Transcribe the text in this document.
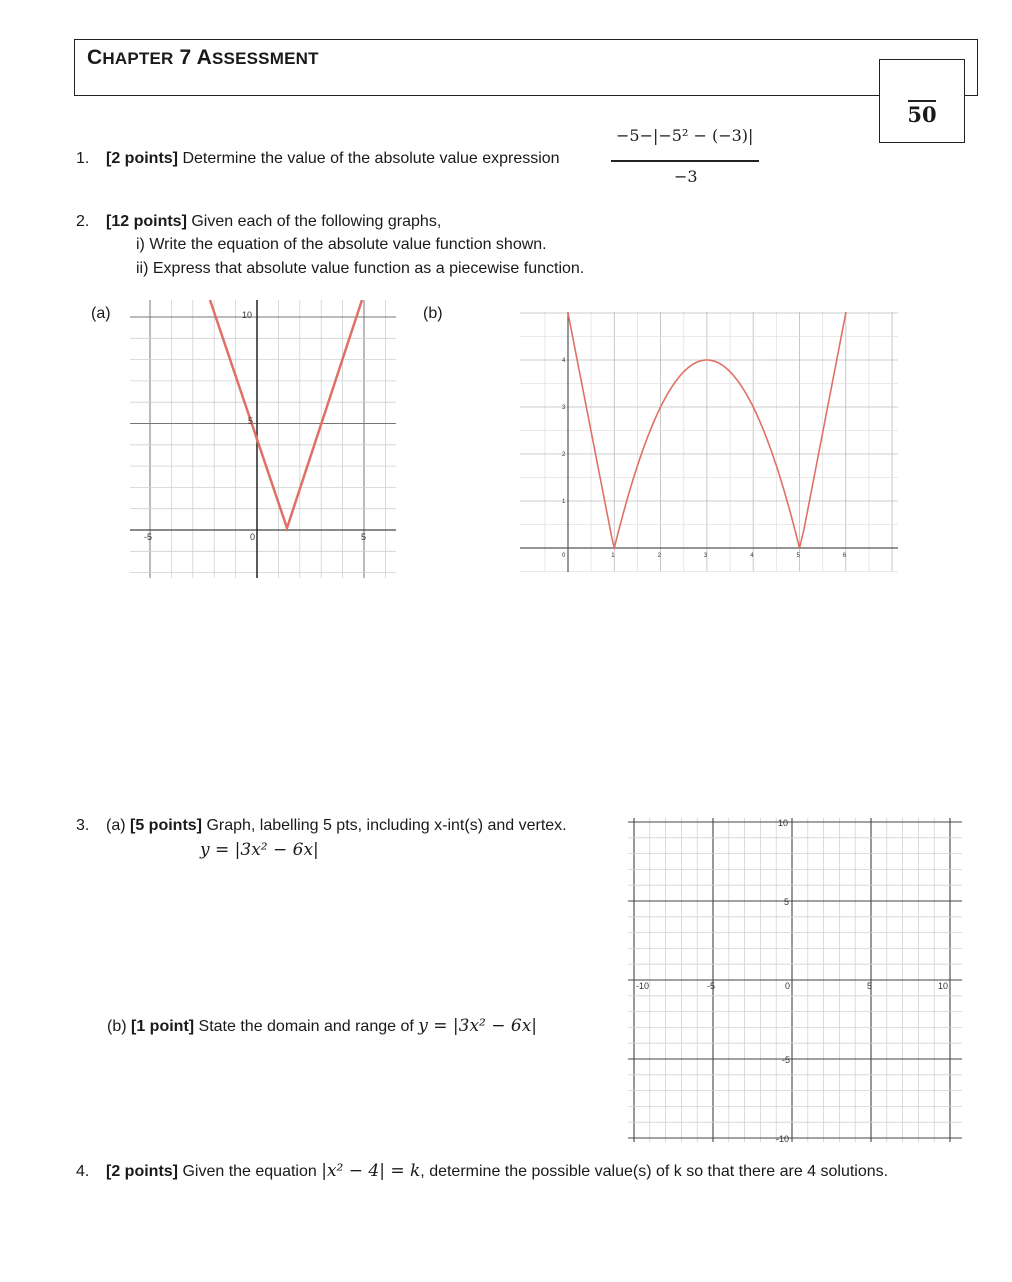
CHAPTER 7 ASSESSMENT
50
1. [2 points] Determine the value of the absolute value expression
−5−|−5² − (−3)|
−3
2. [12 points] Given each of the following graphs,
i) Write the equation of the absolute value function shown.
ii) Express that absolute value function as a piecewise function.
(a)	(b)
-5	0	5
10
5
0	1	2	3	4	5	6
4
3
2
1
3. (a) [5 points] Graph, labelling 5 pts, including x-int(s) and vertex.
y = |3x² − 6x|
(b) [1 point] State the domain and range of y = |3x² − 6x|
-10	-5	0	5	10
10
5
-5
-10
4. [2 points] Given the equation |x² − 4| = k, determine the possible value(s) of k so that there are 4 solutions.
